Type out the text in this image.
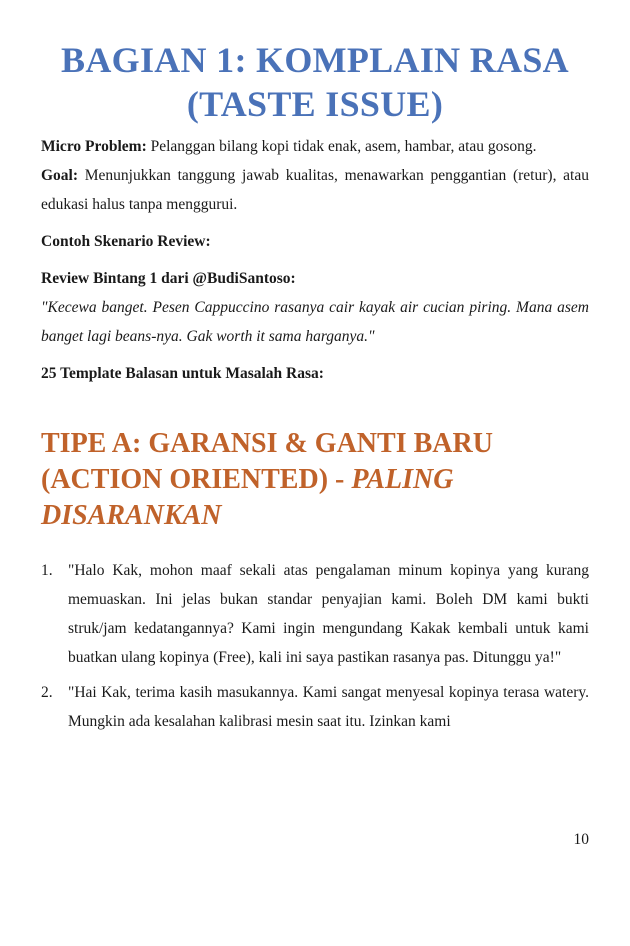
BAGIAN 1: KOMPLAIN RASA
(TASTE ISSUE)

Micro Problem: Pelanggan bilang kopi tidak enak, asem, hambar, atau gosong.

Goal: Menunjukkan tanggung jawab kualitas, menawarkan penggantian (retur), atau edukasi halus tanpa menggurui.

Contoh Skenario Review:

Review Bintang 1 dari @BudiSantoso:

"Kecewa banget. Pesen Cappuccino rasanya cair kayak air cucian piring. Mana asem banget lagi beans-nya. Gak worth it sama harganya."

25 Template Balasan untuk Masalah Rasa:

TIPE A: GARANSI & GANTI BARU (ACTION ORIENTED) - PALING DISARANKAN
1. "Halo Kak, mohon maaf sekali atas pengalaman minum kopinya yang kurang memuaskan. Ini jelas bukan standar penyajian kami. Boleh DM kami bukti struk/jam kedatangannya? Kami ingin mengundang Kakak kembali untuk kami buatkan ulang kopinya (Free), kali ini saya pastikan rasanya pas. Ditunggu ya!"
2. "Hai Kak, terima kasih masukannya. Kami sangat menyesal kopinya terasa watery. Mungkin ada kesalahan kalibrasi mesin saat itu. Izinkan kami
10
